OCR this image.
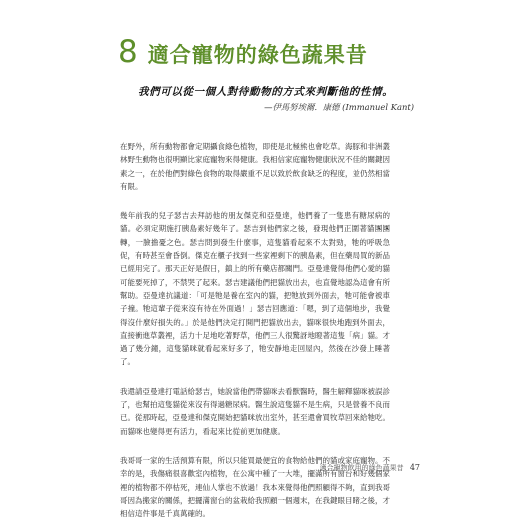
8 適合寵物的綠色蔬果昔
我們可以從一個人對待動物的方式來判斷他的性情。
—伊馬努埃爾．康德 (Immanuel Kant)

在野外，所有動物都會定期攝食綠色植物，即使是北極熊也會吃草。海豚和非洲叢林野生動物也很明顯比家庭寵物來得健康。我相信家庭寵物健康狀況不佳的關鍵因素之一，在於他們對綠色食物的取得嚴重不足以致於飲食缺乏的程度，並仍然相當有限。

幾年前我的兒子瑟吉去拜訪他的朋友傑克和亞曼達，他們養了一隻患有糖尿病的貓。必須定期施打胰島素好幾年了。瑟吉到他們家之後，發現他們正圍著貓團團轉，一臉擔憂之色。瑟吉問到發生什麼事，這隻貓看起來不太對勁，牠的呼吸急促，有時甚至會昏倒。傑克在櫃子找到一些家裡剩下的胰島素，但在藥局買的新品已經用完了。那天正好是假日，鎮上的所有藥店都關門。亞曼達覺得他們心愛的貓可能要死掉了，不禁哭了起來。瑟吉建議他們把貓放出去，也直覺地認為這會有所幫助。亞曼達抗議道：「可是牠是養在室內的貓，把牠放到外面去，牠可能會被車子撞。牠這輩子從來沒有待在外面過！」瑟吉回應道：「嗯，到了這個地步，我覺得沒什麼好損失的。」於是他們決定打開門把貓放出去，貓咪很快地跑到外面去，直接衝進草叢裡，活力十足地吃著野草，他們三人很驚訝地瞪著這隻「病」貓。才過了幾分鐘，這隻貓咪就看起來好多了，牠安靜地走回屋內，然後在沙發上睡著了。

我還請亞曼達打電話給瑟吉，她說當他們帶貓咪去看獸醫時，醫生解釋貓咪被誤診了，也幫拍這隻貓從來沒有得過糖尿病。醫生說這隻貓不是生病，只是營養不良而已。從那時起，亞曼達和傑克開始把貓咪放出室外，甚至還會買牧草回來給牠吃。而貓咪也變得更有活力，看起來比從前更加健康。

我哥哥一家的生活預算有限，所以只能買最便宜的食物給他們的貓或家庭寵物。不幸的是，我傷痛很喜歡室內植物，在公寓中種了一大堆，擺滿所有窗台和好幾個家裡的植物都不停枯死，連仙人掌也不放過！我本來覺得他們照顧得不夠，直到我哥哥因為搬家的關係，把擺滿窗台的盆栽給我照顧一個週末，在我鍵眼目睹之後，才相信這件事是千真萬確的。

適合寵物飲用的綠色蔬果昔 47
